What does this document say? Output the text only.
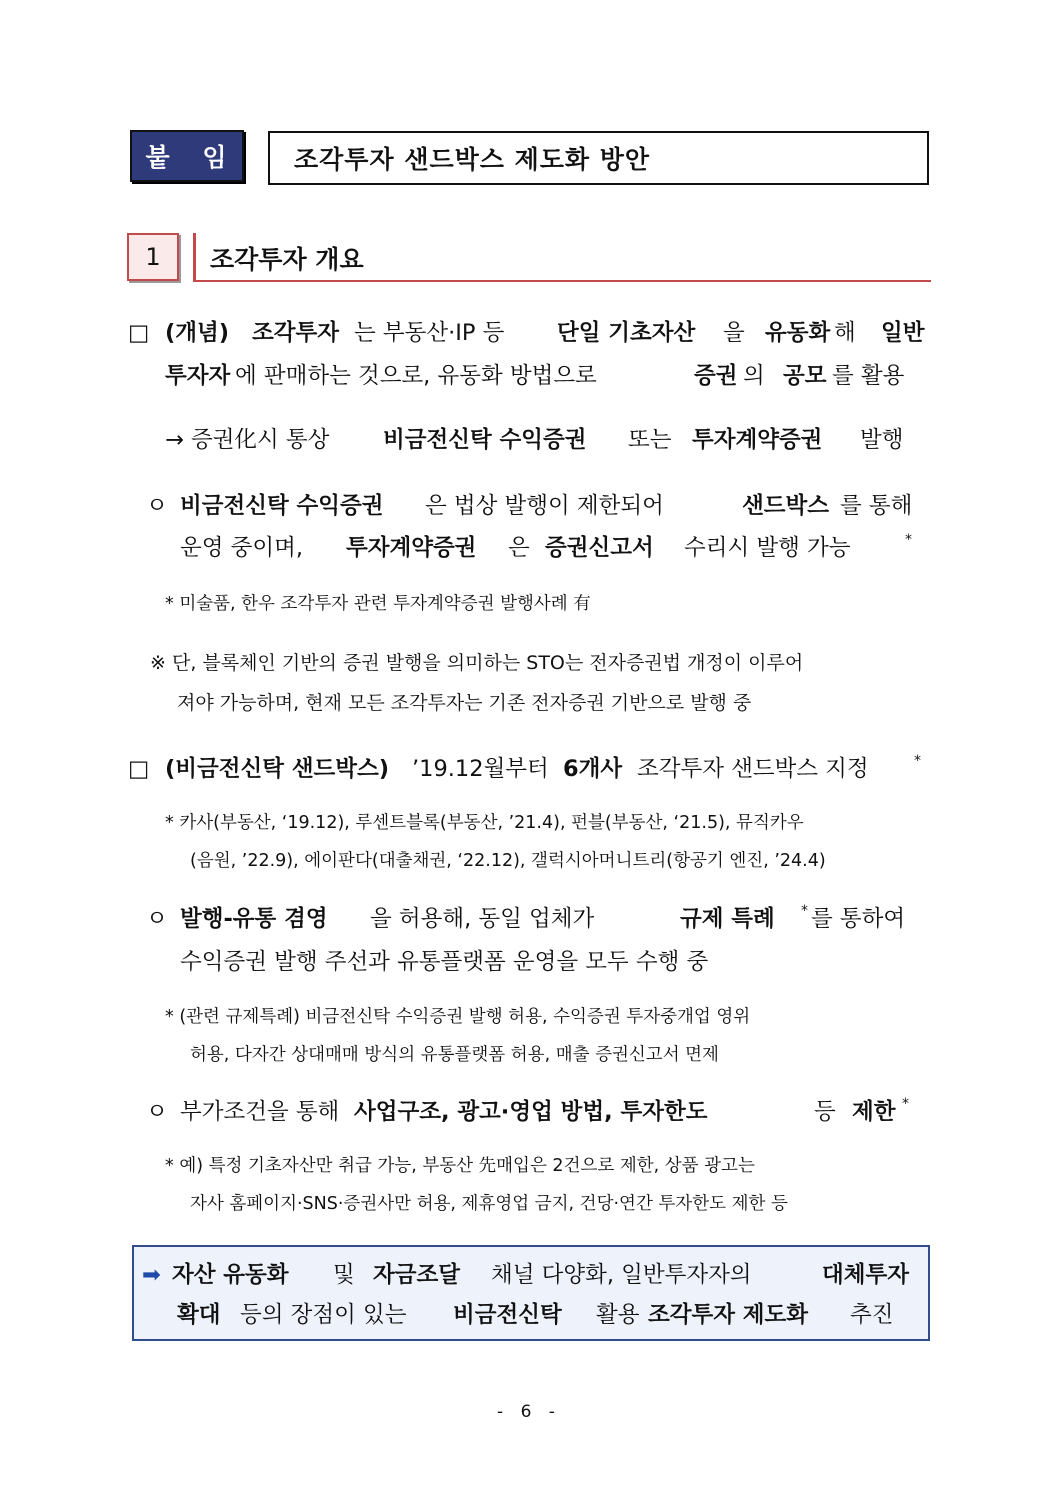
붙 임	조각투자 샌드박스 제도화 방안
1	조각투자 개요
□ (개념) 조각투자 는 부동산·IP 등 단일 기초자산 을 유동화 해 일반
투자자 에 판매하는 것으로, 유동화 방법으로	증권 의 공모 를 활용
→ 증권化시 통상 비금전신탁 수익증권 또는 투자계약증권 발행
ㅇ 비금전신탁 수익증권 은 법상 발행이 제한되어	샌드박스 를 통해
운영 중이며, 투자계약증권 은 증권신고서 수리시 발행 가능	*
* 미술품, 한우 조각투자 관련 투자계약증권 발행사례 有
※ 단, 블록체인 기반의 증권 발행을 의미하는 STO는 전자증권법 개정이 이루어
져야 가능하며, 현재 모든 조각투자는 기존 전자증권 기반으로 발행 중
□ (비금전신탁 샌드박스) ’19.12월부터 6개사 조각투자 샌드박스 지정	*
* 카사(부동산, ‘19.12), 루센트블록(부동산, ’21.4), 펀블(부동산, ‘21.5), 뮤직카우
(음원, ’22.9), 에이판다(대출채권, ‘22.12), 갤럭시아머니트리(항공기 엔진, ’24.4)
ㅇ 발행-유통 겸영 을 허용해, 동일 업체가	규제 특례 * 를 통하여
수익증권 발행 주선과 유통플랫폼 운영을 모두 수행 중
* (관련 규제특례) 비금전신탁 수익증권 발행 허용, 수익증권 투자중개업 영위
허용, 다자간 상대매매 방식의 유통플랫폼 허용, 매출 증권신고서 면제
ㅇ 부가조건을 통해 사업구조, 광고·영업 방법, 투자한도	등 제한 *
* 예) 특정 기초자산만 취급 가능, 부동산 先매입은 2건으로 제한, 상품 광고는
자사 홈페이지·SNS·증권사만 허용, 제휴영업 금지, 건당·연간 투자한도 제한 등
➡ 자산 유동화 및 자금조달 채널 다양화, 일반투자자의	대체투자
확대 등의 장점이 있는 비금전신탁 활용 조각투자 제도화 추진
- 6 -
